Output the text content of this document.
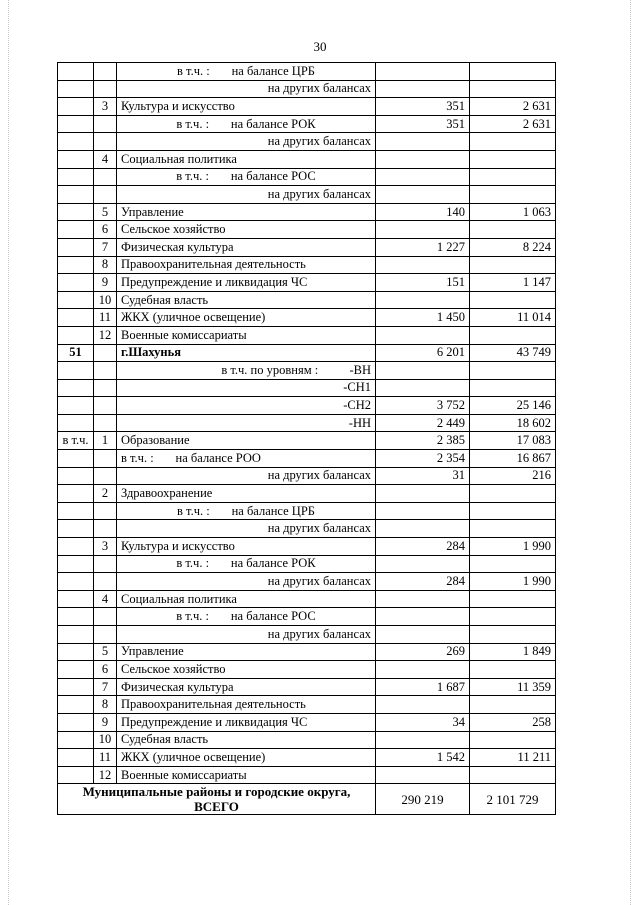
30
		в т.ч. :       на балансе ЦРБ		
		на других балансах		
	3	Культура и искусство	351	2 631
		в т.ч. :       на балансе РОК	351	2 631
		на других балансах		
	4	Социальная политика		
		в т.ч. :       на балансе РОС		
		на других балансах		
	5	Управление	140	1 063
	6	Сельское хозяйство		
	7	Физическая культура	1 227	8 224
	8	Правоохранительная деятельность		
	9	Предупреждение и ликвидация ЧС	151	1 147
	10	Судебная власть		
	11	ЖКХ (уличное освещение)	1 450	11 014
	12	Военные комиссариаты		
51		г.Шахунья	6 201	43 749
		в т.ч. по уровням :          -ВН		
		-СН1		
		-СН2	3 752	25 146
		-НН	2 449	18 602
в т.ч.	1	Образование	2 385	17 083
		в т.ч. :       на балансе РОО	2 354	16 867
		на других балансах	31	216
	2	Здравоохранение		
		в т.ч. :       на балансе ЦРБ		
		на других балансах		
	3	Культура и искусство	284	1 990
		в т.ч. :       на балансе РОК		
		на других балансах	284	1 990
	4	Социальная политика		
		в т.ч. :       на балансе РОС		
		на других балансах		
	5	Управление	269	1 849
	6	Сельское хозяйство		
	7	Физическая культура	1 687	11 359
	8	Правоохранительная деятельность		
	9	Предупреждение и ликвидация ЧС	34	258
	10	Судебная власть		
	11	ЖКХ (уличное освещение)	1 542	11 211
	12	Военные комиссариаты		
Муниципальные районы и городские округа,
ВСЕГО			290 219	2 101 729
